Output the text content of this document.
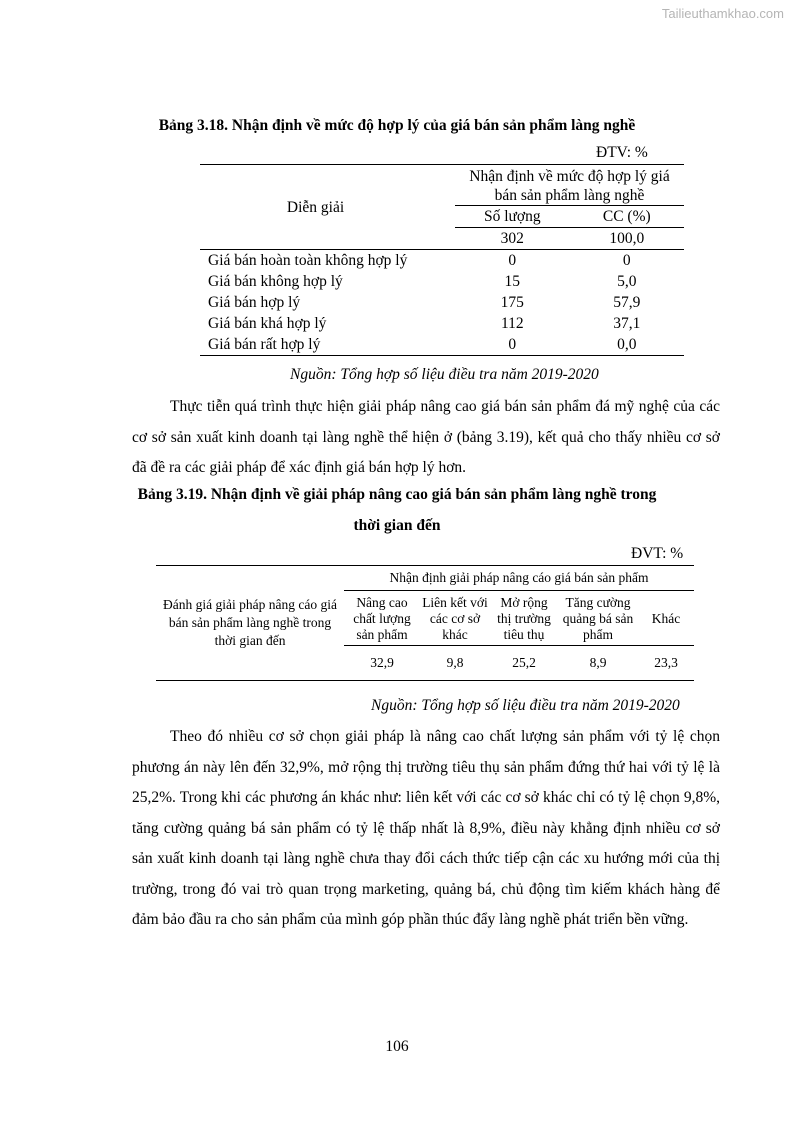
Tailieuthamkhao.com
Bảng 3.18. Nhận định về mức độ hợp lý của giá bán sản phẩm làng nghề
ĐTV: %
Diễn giải	Nhận định về mức độ hợp lý giá bán sản phẩm làng nghề	
	Số lượng	CC (%)
	302	100,0
Giá bán hoàn toàn không hợp lý	0	0
Giá bán không hợp lý	15	5,0
Giá bán hợp lý	175	57,9
Giá bán khá hợp lý	112	37,1
Giá bán rất hợp lý	0	0,0
Nguồn: Tổng hợp số liệu điều tra năm 2019-2020

Thực tiễn quá trình thực hiện giải pháp nâng cao giá bán sản phẩm đá mỹ nghệ của các cơ sở sản xuất kinh doanh tại làng nghề thể hiện ở (bảng 3.19), kết quả cho thấy nhiều cơ sở đã đề ra các giải pháp để xác định giá bán hợp lý hơn.

Bảng 3.19. Nhận định về giải pháp nâng cao giá bán sản phẩm làng nghề trong
thời gian đến
ĐVT: %
Đánh giá giải pháp nâng cáo giá bán sản phẩm làng nghề trong thời gian đến	Nhận định giải pháp nâng cáo giá bán sản phẩm				
	Nâng cao chất lượng sản phẩm	Liên kết với các cơ sở khác	Mở rộng thị trường tiêu thụ	Tăng cường quảng bá sản phẩm	Khác
	32,9	9,8	25,2	8,9	23,3
Nguồn: Tổng hợp số liệu điều tra năm 2019-2020

Theo đó nhiều cơ sở chọn giải pháp là nâng cao chất lượng sản phẩm với tỷ lệ chọn phương án này lên đến 32,9%, mở rộng thị trường tiêu thụ sản phẩm đứng thứ hai với tỷ lệ là 25,2%. Trong khi các phương án khác như: liên kết với các cơ sở khác chỉ có tỷ lệ chọn 9,8%, tăng cường quảng bá sản phẩm có tỷ lệ thấp nhất là 8,9%, điều này khẳng định nhiều cơ sở sản xuất kinh doanh tại làng nghề chưa thay đổi cách thức tiếp cận các xu hướng mới của thị trường, trong đó vai trò quan trọng marketing, quảng bá, chủ động tìm kiếm khách hàng để đảm bảo đầu ra cho sản phẩm của mình góp phần thúc đẩy làng nghề phát triển bền vững.

106
